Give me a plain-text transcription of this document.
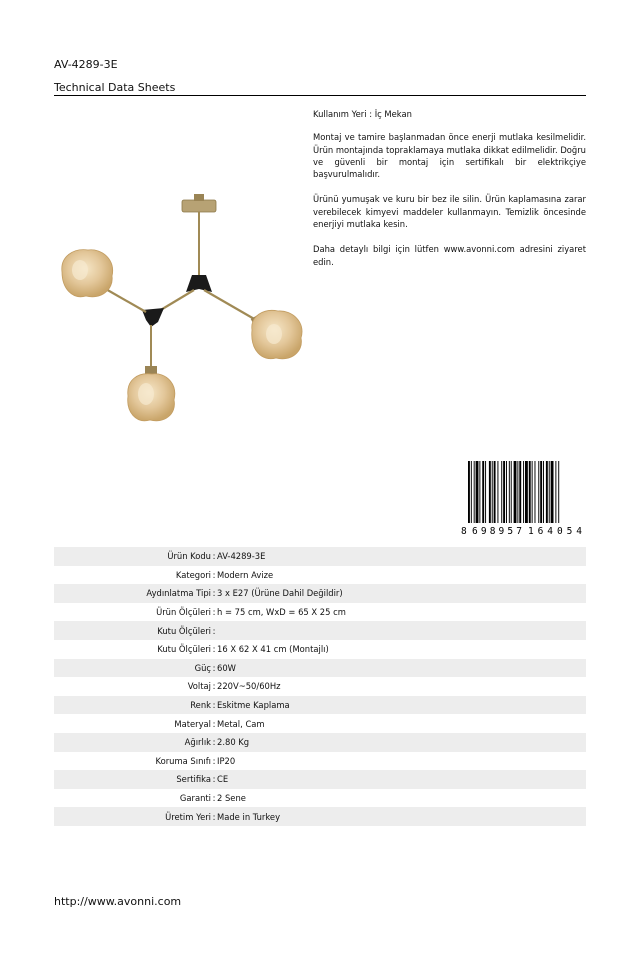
AV-4289-3E

Technical Data Sheets

Kullanım Yeri : İç Mekan

Montaj ve tamire başlanmadan önce enerji mutlaka kesilmelidir. Ürün montajında topraklamaya mutlaka dikkat edilmelidir. Doğru ve güvenli bir montaj için sertifikalı bir elektrikçiye başvurulmalıdır.

Ürünü yumuşak ve kuru bir bez ile silin. Ürün kaplamasına zarar verebilecek kimyevi maddeler kullanmayın. Temizlik öncesinde enerjiyi mutlaka kesin.

Daha detaylı bilgi için lütfen www.avonni.com adresini ziyaret edin.

8 698957 164054
Ürün Kodu : AV-4289-3E
Kategori : Modern Avize
Aydınlatma Tipi : 3 x E27 (Ürüne Dahil Değildir)
Ürün Ölçüleri : h = 75 cm, WxD = 65 X 25 cm
Kutu Ölçüleri :
Kutu Ölçüleri : 16 X 62 X 41 cm (Montajlı)
Güç : 60W
Voltaj : 220V~50/60Hz
Renk : Eskitme Kaplama
Materyal : Metal, Cam
Ağırlık : 2.80 Kg
Koruma Sınıfı : IP20
Sertifika : CE
Garanti : 2 Sene
Üretim Yeri : Made in Turkey
http://www.avonni.com
